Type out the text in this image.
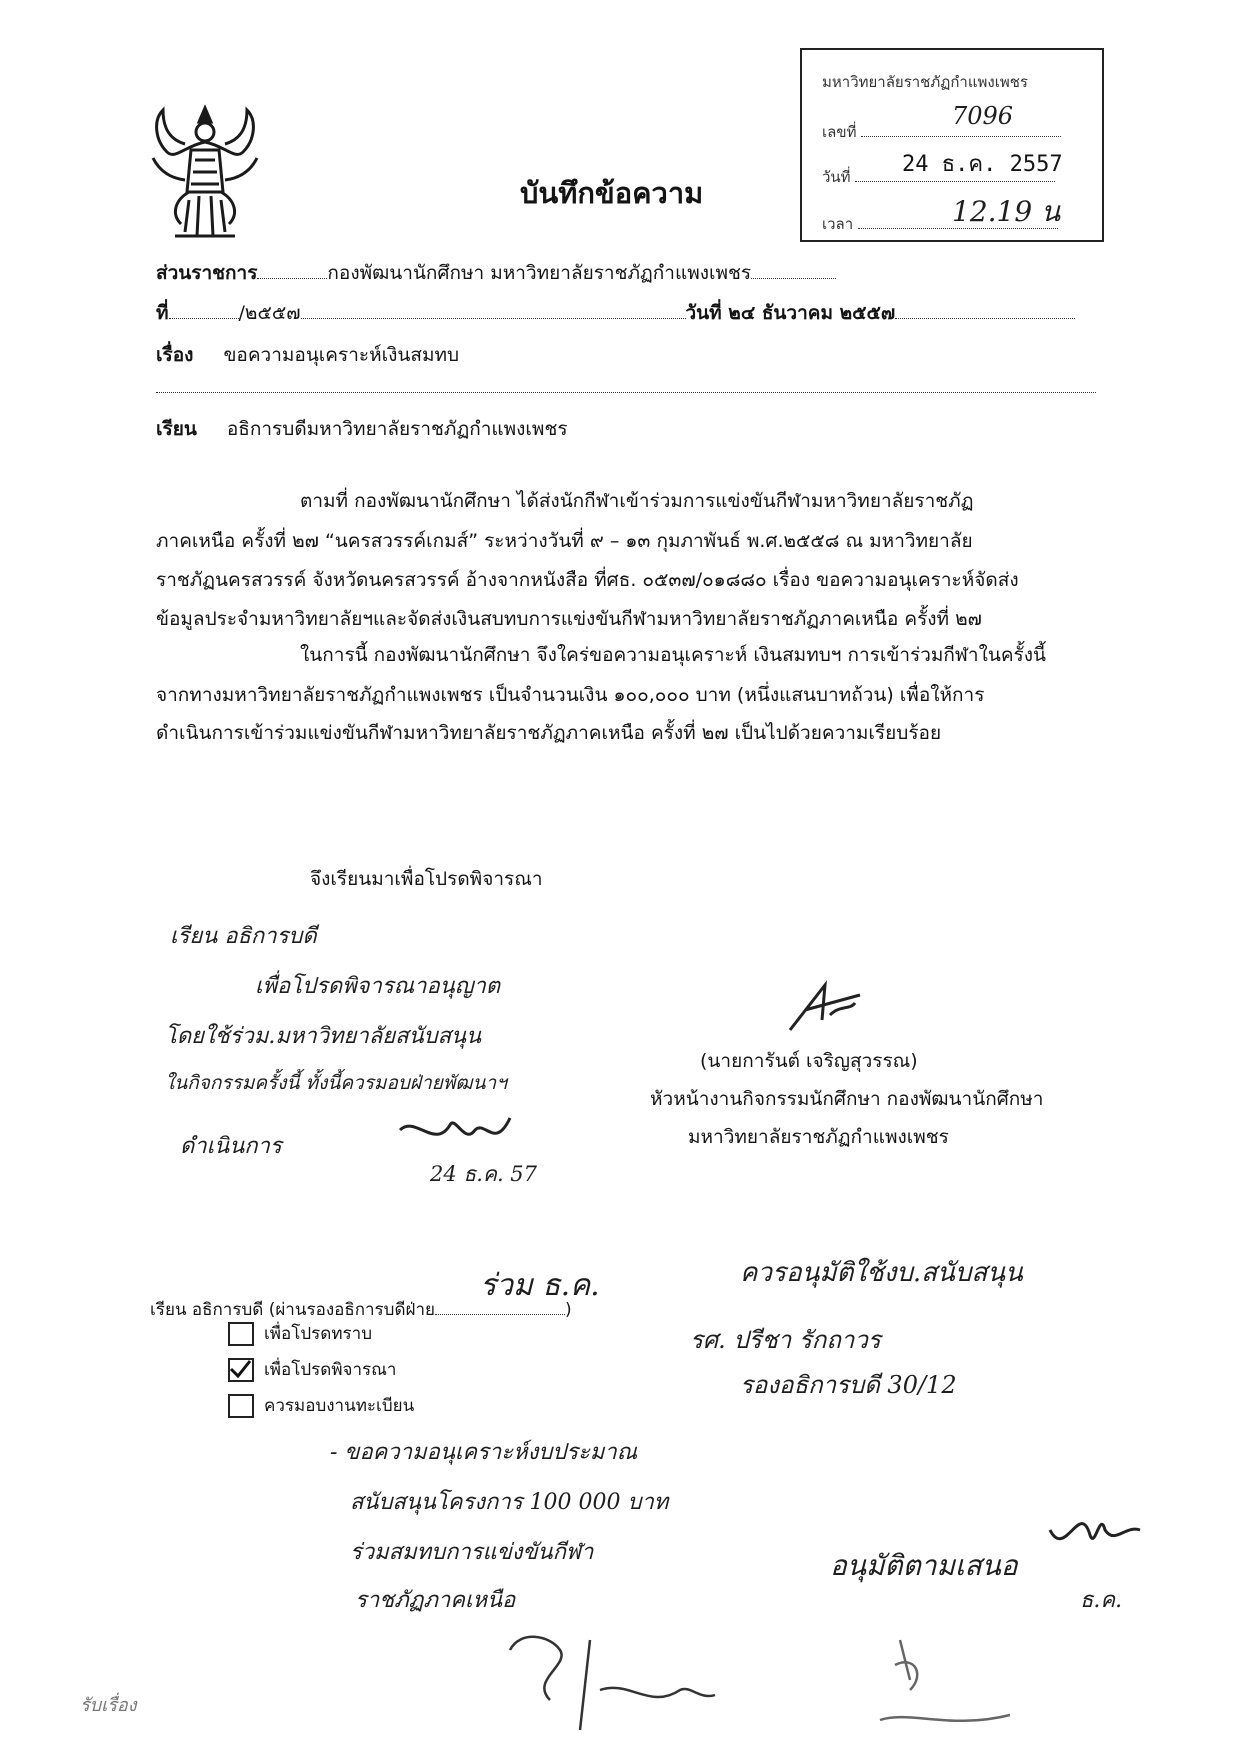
บันทึกข้อความ
มหาวิทยาลัยราชภัฏกำแพงเพชร
เลขที่
7096
วันที่	24 ธ.ค. 2557
เวลา	12.19 น
ส่วนราชการ	กองพัฒนานักศึกษา มหาวิทยาลัยราชภัฏกำแพงเพชร
ที่	/๒๕๕๗	วันที่ ๒๔ ธันวาคม ๒๕๕๗
เรื่อง ขอความอนุเคราะห์เงินสมทบ
เรียน อธิการบดีมหาวิทยาลัยราชภัฏกำแพงเพชร
ตามที่ กองพัฒนานักศึกษา ได้ส่งนักกีฬาเข้าร่วมการแข่งขันกีฬามหาวิทยาลัยราชภัฏ
ภาคเหนือ ครั้งที่ ๒๗ “นครสวรรค์เกมส์” ระหว่างวันที่ ๙ – ๑๓ กุมภาพันธ์ พ.ศ.๒๕๕๘ ณ มหาวิทยาลัย
ราชภัฏนครสวรรค์ จังหวัดนครสวรรค์ อ้างจากหนังสือ ที่ศธ. ๐๕๓๗/๐๑๘๘๐ เรื่อง ขอความอนุเคราะห์จัดส่ง
ข้อมูลประจำมหาวิทยาลัยฯและจัดส่งเงินสบทบการแข่งขันกีฬามหาวิทยาลัยราชภัฏภาคเหนือ ครั้งที่ ๒๗
ในการนี้ กองพัฒนานักศึกษา จึงใคร่ขอความอนุเคราะห์ เงินสมทบฯ การเข้าร่วมกีฬาในครั้งนี้
จากทางมหาวิทยาลัยราชภัฏกำแพงเพชร เป็นจำนวนเงิน ๑๐๐,๐๐๐ บาท (หนึ่งแสนบาทถ้วน) เพื่อให้การ
ดำเนินการเข้าร่วมแข่งขันกีฬามหาวิทยาลัยราชภัฏภาคเหนือ ครั้งที่ ๒๗ เป็นไปด้วยความเรียบร้อย
จึงเรียนมาเพื่อโปรดพิจารณา
เรียน อธิการบดี
เพื่อโปรดพิจารณาอนุญาต
โดยใช้ร่วม.มหาวิทยาลัยสนับสนุน
ในกิจกรรมครั้งนี้ ทั้งนี้ควรมอบฝ่ายพัฒนาฯ
ดำเนินการ
24 ธ.ค. 57
(นายการันต์ เจริญสุวรรณ)
หัวหน้างานกิจกรรมนักศึกษา กองพัฒนานักศึกษา
มหาวิทยาลัยราชภัฏกำแพงเพชร
เรียน อธิการบดี (ผ่านรองอธิการบดีฝ่าย	)
ร่วม ธ.ค.
เพื่อโปรดทราบ
เพื่อโปรดพิจารณา
ควรมอบงานทะเบียน
ควรอนุมัติใช้งบ.สนับสนุน
รศ. ปรีชา รักถาวร
รองอธิการบดี 30/12
- ขอความอนุเคราะห์งบประมาณ
สนับสนุนโครงการ 100 000 บาท
ร่วมสมทบการแข่งขันกีฬา
ราชภัฏภาคเหนือ
อนุมัติตามเสนอ
ธ.ค.
รับเรื่อง
